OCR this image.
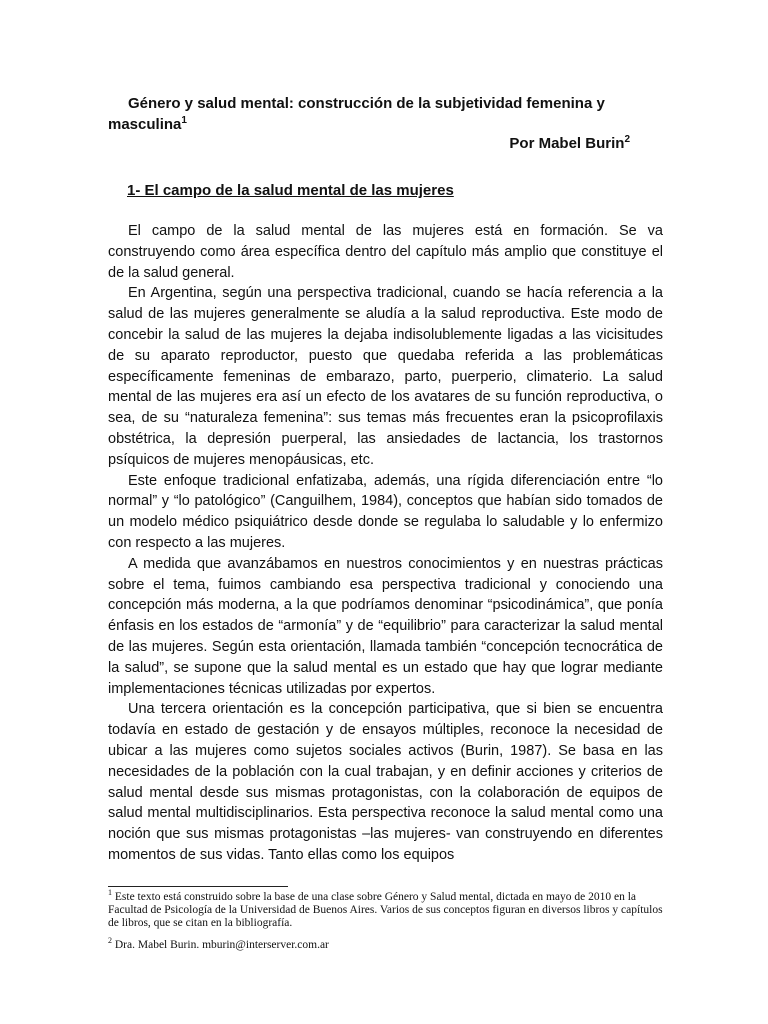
Género y salud mental: construcción de la subjetividad femenina y masculina$^1$

Por Mabel Burin$^2$

1- El campo de la salud mental de las mujeres

El campo de la salud mental de las mujeres está en formación. Se va construyendo como área específica dentro del capítulo más amplio que constituye el de la salud general.

En Argentina, según una perspectiva tradicional, cuando se hacía referencia a la salud de las mujeres generalmente se aludía a la salud reproductiva. Este modo de concebir la salud de las mujeres la dejaba indisolublemente ligadas a las vicisitudes de su aparato reproductor, puesto que quedaba referida a las problemáticas específicamente femeninas de embarazo, parto, puerperio, climaterio. La salud mental de las mujeres era así un efecto de los avatares de su función reproductiva, o sea, de su “naturaleza femenina”: sus temas más frecuentes eran la psicoprofilaxis obstétrica, la depresión puerperal, las ansiedades de lactancia, los trastornos psíquicos de mujeres menopáusicas, etc.

Este enfoque tradicional enfatizaba, además, una rígida diferenciación entre “lo normal” y “lo patológico” (Canguilhem, 1984), conceptos que habían sido tomados de un modelo médico psiquiátrico desde donde se regulaba lo saludable y lo enfermizo con respecto a las mujeres.

A medida que avanzábamos en nuestros conocimientos y en nuestras prácticas sobre el tema, fuimos cambiando esa perspectiva tradicional y conociendo una concepción más moderna, a la que podríamos denominar “psicodinámica”, que ponía énfasis en los estados de “armonía” y de “equilibrio” para caracterizar la salud mental de las mujeres. Según esta orientación, llamada también “concepción tecnocrática de la salud”, se supone que la salud mental es un estado que hay que lograr mediante implementaciones técnicas utilizadas por expertos.

Una tercera orientación es la concepción participativa, que si bien se encuentra todavía en estado de gestación y de ensayos múltiples, reconoce la necesidad de ubicar a las mujeres como sujetos sociales activos (Burin, 1987). Se basa en las necesidades de la población con la cual trabajan, y en definir acciones y criterios de salud mental desde sus mismas protagonistas, con la colaboración de equipos de salud mental multidisciplinarios. Esta perspectiva reconoce la salud mental como una noción que sus mismas protagonistas –las mujeres- van construyendo en diferentes momentos de sus vidas. Tanto ellas como los equipos

$^1$ Este texto está construido sobre la base de una clase sobre Género y Salud mental, dictada en mayo de 2010 en la Facultad de Psicología de la Universidad de Buenos Aires. Varios de sus conceptos figuran en diversos libros y capítulos de libros, que se citan en la bibliografía.

$^2$ Dra. Mabel Burin. mburin@interserver.com.ar
